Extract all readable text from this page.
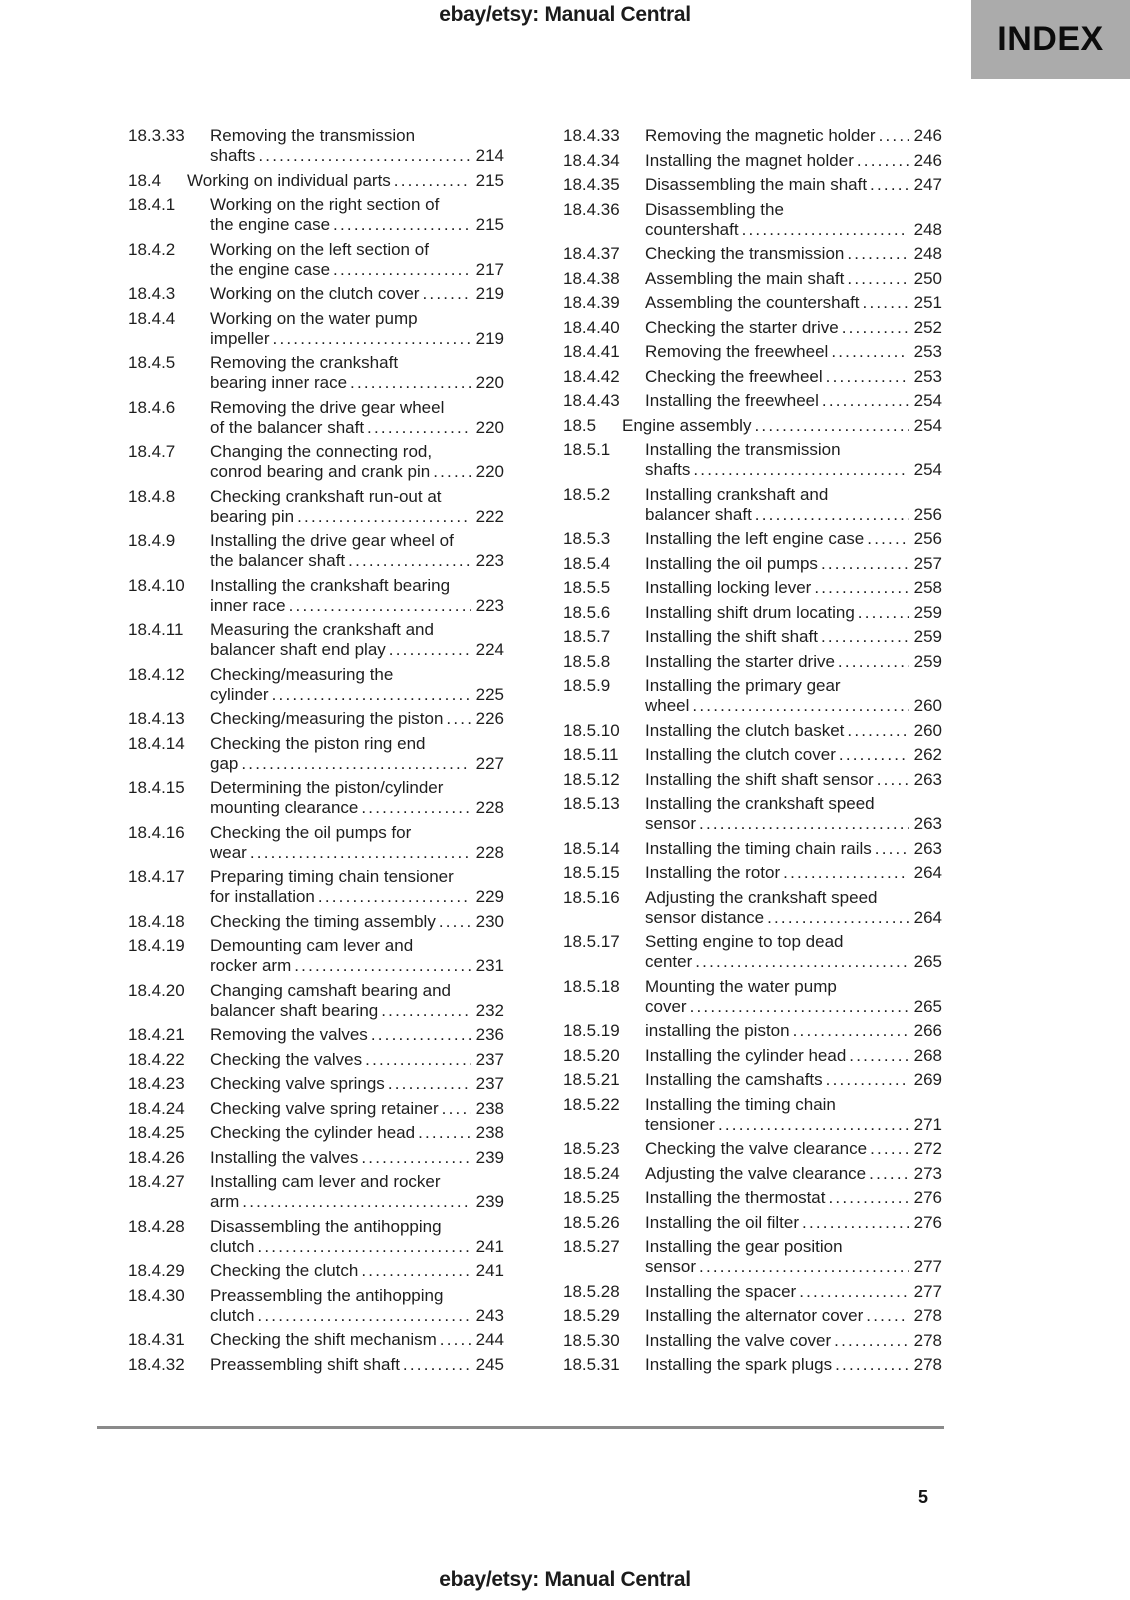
ebay/etsy: Manual Central
INDEX
18.3.33 Removing the transmission
shafts .....	214
18.4 Working on individual parts .....	215
18.4.1 Working on the right section of
the engine case .....	215
18.4.2 Working on the left section of
the engine case .....	217
18.4.3 Working on the clutch cover .....	219
18.4.4 Working on the water pump
impeller .....	219
18.4.5 Removing the crankshaft
bearing inner race .....	220
18.4.6 Removing the drive gear wheel
of the balancer shaft .....	220
18.4.7 Changing the connecting rod,
conrod bearing and crank pin .....	220
18.4.8 Checking crankshaft run-out at
bearing pin .....	222
18.4.9 Installing the drive gear wheel of
the balancer shaft .....	223
18.4.10 Installing the crankshaft bearing
inner race .....	223
18.4.11 Measuring the crankshaft and
balancer shaft end play .....	224
18.4.12 Checking/measuring the
cylinder .....	225
18.4.13 Checking/measuring the piston ..... 226
18.4.14 Checking the piston ring end
gap .....	227
18.4.15 Determining the piston/cylinder
mounting clearance .....	228
18.4.16 Checking the oil pumps for
wear .....	228
18.4.17 Preparing timing chain tensioner
for installation .....	229
18.4.18 Checking the timing assembly ..... 230
18.4.19 Demounting cam lever and
rocker arm .....	231
18.4.20 Changing camshaft bearing and
balancer shaft bearing .....	232
18.4.21 Removing the valves .....	236
18.4.22 Checking the valves .....	237
18.4.23 Checking valve springs .....	237
18.4.24 Checking valve spring retainer ..... 238
18.4.25 Checking the cylinder head .....	238
18.4.26 Installing the valves .....	239
18.4.27 Installing cam lever and rocker
arm .....	239
18.4.28 Disassembling the antihopping
clutch .....	241
18.4.29 Checking the clutch .....	241
18.4.30 Preassembling the antihopping
clutch .....	243
18.4.31 Checking the shift mechanism ..... 244
18.4.32 Preassembling shift shaft .....	245
18.4.33 Removing the magnetic holder ..... 246
18.4.34 Installing the magnet holder .....	246
18.4.35 Disassembling the main shaft .....	247
18.4.36 Disassembling the
countershaft .....	248
18.4.37 Checking the transmission .....	248
18.4.38 Assembling the main shaft .....	250
18.4.39 Assembling the countershaft .....	251
18.4.40 Checking the starter drive .....	252
18.4.41 Removing the freewheel .....	253
18.4.42 Checking the freewheel .....	253
18.4.43 Installing the freewheel .....	254
18.5 Engine assembly .....	254
18.5.1 Installing the transmission
shafts .....	254
18.5.2 Installing crankshaft and
balancer shaft .....	256
18.5.3 Installing the left engine case .....	256
18.5.4 Installing the oil pumps .....	257
18.5.5 Installing locking lever .....	258
18.5.6 Installing shift drum locating .....	259
18.5.7 Installing the shift shaft .....	259
18.5.8 Installing the starter drive .....	259
18.5.9 Installing the primary gear
wheel .....	260
18.5.10 Installing the clutch basket .....	260
18.5.11 Installing the clutch cover .....	262
18.5.12 Installing the shift shaft sensor ..... 263
18.5.13 Installing the crankshaft speed
sensor .....	263
18.5.14 Installing the timing chain rails ..... 263
18.5.15 Installing the rotor .....	264
18.5.16 Adjusting the crankshaft speed
sensor distance .....	264
18.5.17 Setting engine to top dead
center .....	265
18.5.18 Mounting the water pump
cover .....	265
18.5.19 installing the piston .....	266
18.5.20 Installing the cylinder head .....	268
18.5.21 Installing the camshafts .....	269
18.5.22 Installing the timing chain
tensioner .....	271
18.5.23 Checking the valve clearance .....	272
18.5.24 Adjusting the valve clearance .....	273
18.5.25 Installing the thermostat .....	276
18.5.26 Installing the oil filter .....	276
18.5.27 Installing the gear position
sensor .....	277
18.5.28 Installing the spacer .....	277
18.5.29 Installing the alternator cover .....	278
18.5.30 Installing the valve cover .....	278
18.5.31 Installing the spark plugs .....	278
5
ebay/etsy: Manual Central
